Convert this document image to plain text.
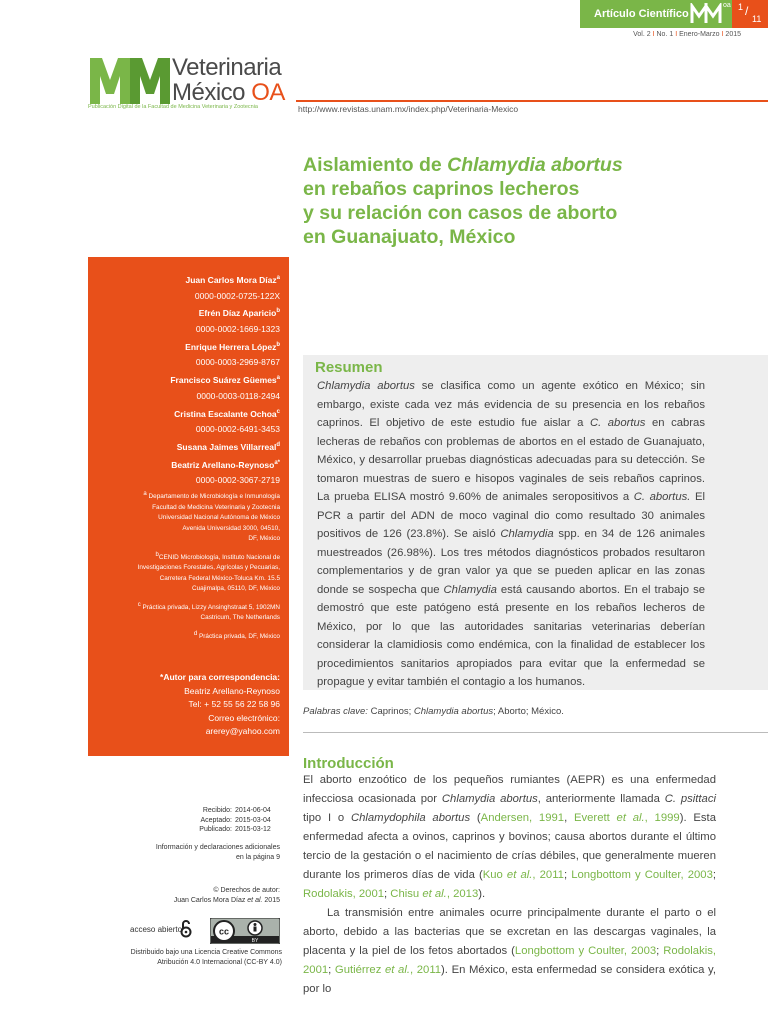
Artículo Científico
oa 1 /
11
Vol. 2 I No. 1 I Enero-Marzo I 2015
Veterinaria
México OA
Publicación Digital de la Facultad de Medicina Veterinaria y Zootecnia	http://www.revistas.unam.mx/index.php/Veterinaria-Mexico
Aislamiento de Chlamydia abortus
en rebaños caprinos lecheros
y su relación con casos de aborto
en Guanajuato, México
Juan Carlos Mora Díaz$^a$
0000-0002-0725-122X
Efrén Díaz Aparicio$^b$
0000-0002-1669-1323
Enrique Herrera López$^b$
0000-0003-2969-8767
Francisco Suárez Güemes$^a$
0000-0003-0118-2494
Cristina Escalante Ochoa$^c$
0000-0002-6491-3453
Susana Jaimes Villarreal$^d$
Beatriz Arellano-Reynoso$^{a*}$
0000-0002-3067-2719
$^a$ Departamento de Microbiología e Inmunología
Facultad de Medicina Veterinaria y Zootecnia
Universidad Nacional Autónoma de México
Avenida Universidad 3000, 04510,
DF, México
$^b$CENID Microbiología, Instituto Nacional de
Investigaciones Forestales, Agrícolas y Pecuarias,
Carretera Federal México-Toluca Km. 15.5
Cuajimalpa, 05110, DF, México
$^c$ Práctica privada, Lizzy Ansinghstraat 5, 1902MN
Castricum, The Netherlands
$^d$ Práctica privada, DF, México
*Autor para correspondencia:
Beatriz Arellano-Reynoso
Tel: + 52 55 56 22 58 96
Correo electrónico:
arerey@yahoo.com
Recibido: 2014-06-04
Aceptado: 2015-03-04
Publicado: 2015-03-12
Información y declaraciones adicionales
en la página 9
© Derechos de autor:
Juan Carlos Mora Díaz et al. 2015
acceso abierto	cc
BY
Distribuido bajo una Licencia Creative Commons
Atribución 4.0 Internacional (CC-BY 4.0)
Resumen
Chlamydia abortus se clasifica como un agente exótico en México; sin embargo, existe cada vez más evidencia de su presencia en los rebaños caprinos. El objetivo de este estudio fue aislar a C. abortus en cabras lecheras de rebaños con problemas de abortos en el estado de Guanajuato, México, y desarrollar pruebas diagnósticas adecuadas para su detección. Se tomaron muestras de suero e hisopos vaginales de seis rebaños caprinos. La prueba ELISA mostró 9.60% de animales seropositivos a C. abortus. El PCR a partir del ADN de moco vaginal dio como resultado 30 animales positivos de 126 (23.8%). Se aisló Chlamydia spp. en 34 de 126 animales muestreados (26.98%). Los tres métodos diagnósticos probados resultaron complementarios y de gran valor ya que se pueden aplicar en las zonas donde se sospecha que Chlamydia está causando abortos. En el trabajo se demostró que este patógeno está presente en los rebaños lecheros de México, por lo que las autoridades sanitarias veterinarias deberían considerar la clamidiosis como endémica, con la finalidad de establecer los procedimientos sanitarios apropiados para evitar que la enfermedad se propague y evitar también el contagio a los humanos.
Palabras clave: Caprinos; Chlamydia abortus; Aborto; México.
Introducción

El aborto enzoótico de los pequeños rumiantes (AEPR) es una enfermedad infecciosa ocasionada por Chlamydia abortus, anteriormente llamada C. psittaci tipo I o Chlamydophila abortus (Andersen, 1991, Everett et al., 1999). Esta enfermedad afecta a ovinos, caprinos y bovinos; causa abortos durante el último tercio de la gestación o el nacimiento de crías débiles, que generalmente mueren durante los primeros días de vida (Kuo et al., 2011; Longbottom y Coulter, 2003; Rodolakis, 2001; Chisu et al., 2013).

La transmisión entre animales ocurre principalmente durante el parto o el aborto, debido a las bacterias que se excretan en las descargas vaginales, la placenta y la piel de los fetos abortados (Longbottom y Coulter, 2003; Rodolakis, 2001; Gutiérrez et al., 2011). En México, esta enfermedad se considera exótica y, por lo
